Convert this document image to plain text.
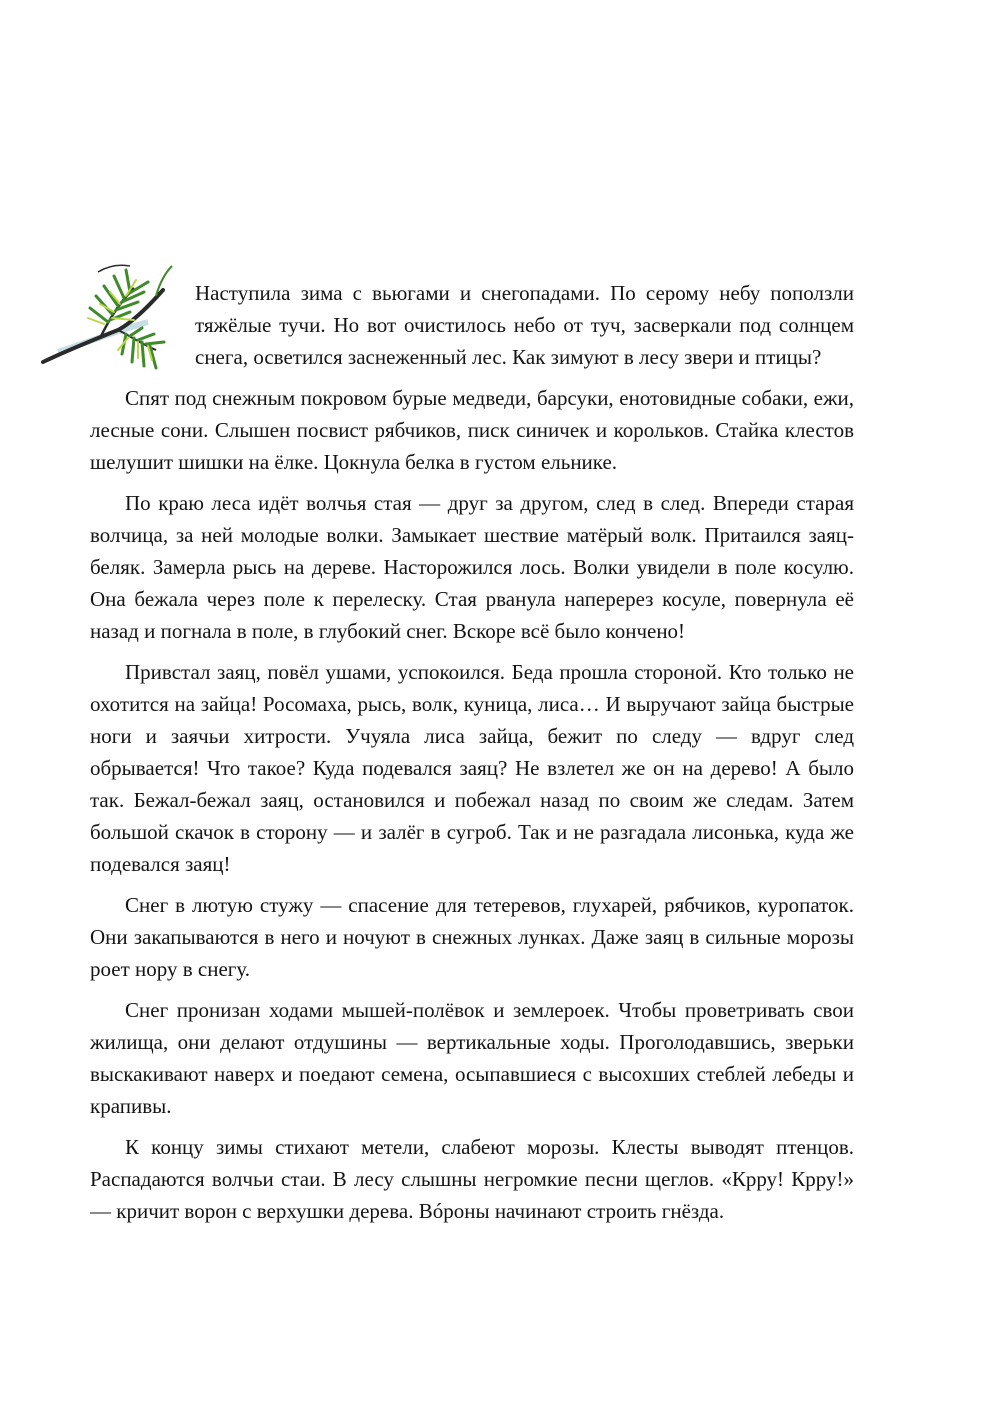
Наступила зима с вьюгами и снегопадами. По серому небу поползли тяжёлые тучи. Но вот очистилось небо от туч, засверкали под солнцем снега, осветился заснеженный лес. Как зимуют в лесу звери и птицы?

Спят под снежным покровом бурые медведи, барсуки, енотовидные собаки, ежи, лесные сони. Слышен посвист рябчиков, писк синичек и корольков. Стайка клестов шелушит шишки на ёлке. Цокнула белка в густом ельнике.

По краю леса идёт волчья стая — друг за другом, след в след. Впереди старая волчица, за ней молодые волки. Замыкает шествие матёрый волк. Притаился заяц-беляк. Замерла рысь на дереве. Насторожился лось. Волки увидели в поле косулю. Она бежала через поле к перелеску. Стая рванула наперерез косуле, повернула её назад и погнала в поле, в глубокий снег. Вскоре всё было кончено!

Привстал заяц, повёл ушами, успокоился. Беда прошла стороной. Кто только не охотится на зайца! Росомаха, рысь, волк, куница, лиса… И выручают зайца быстрые ноги и заячьи хитрости. Учуяла лиса зайца, бежит по следу — вдруг след обрывается! Что такое? Куда подевался заяц? Не взлетел же он на дерево! А было так. Бежал-бежал заяц, остановился и побежал назад по своим же следам. Затем большой скачок в сторону — и залёг в сугроб. Так и не разгадала лисонька, куда же подевался заяц!

Снег в лютую стужу — спасение для тетеревов, глухарей, рябчиков, куропаток. Они закапываются в него и ночуют в снежных лунках. Даже заяц в сильные морозы роет нору в снегу.

Снег пронизан ходами мышей-полёвок и землероек. Чтобы проветривать свои жилища, они делают отдушины — вертикальные ходы. Проголодавшись, зверьки выскакивают наверх и поедают семена, осыпавшиеся с высохших стеблей лебеды и крапивы.

К концу зимы стихают метели, слабеют морозы. Клесты выводят птенцов. Распадаются волчьи стаи. В лесу слышны негромкие песни щеглов. «Крру! Крру!» — кричит ворон с верхушки дерева. Вóроны начинают строить гнёзда.
